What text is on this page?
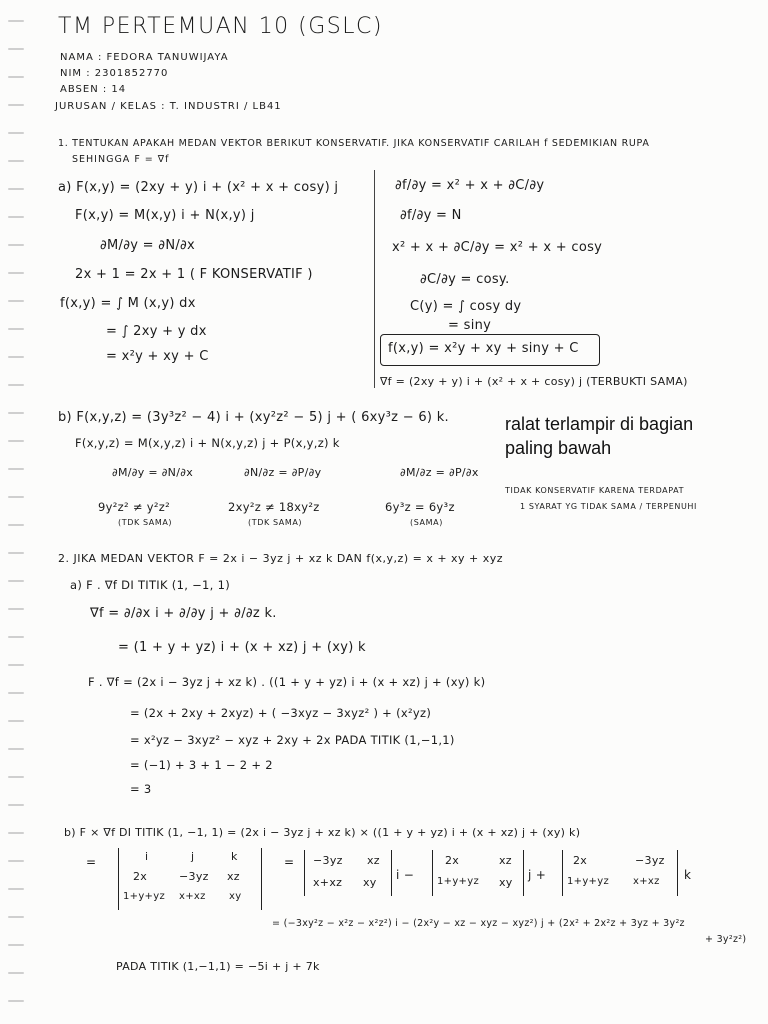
TM PERTEMUAN 10 (GSLC)
NAMA : FEDORA TANUWIJAYA
NIM : 2301852770
ABSEN : 14
JURUSAN / KELAS : T. INDUSTRI / LB41
1. TENTUKAN APAKAH MEDAN VEKTOR BERIKUT KONSERVATIF. JIKA KONSERVATIF CARILAH f SEDEMIKIAN RUPA
SEHINGGA F = ∇f
a) F(x,y) = (2xy + y) i + (x² + x + cosy) j
F(x,y) = M(x,y) i + N(x,y) j
∂M/∂y = ∂N/∂x
2x + 1 = 2x + 1 ( F KONSERVATIF )
f(x,y) = ∫ M (x,y) dx
= ∫ 2xy + y dx
= x²y + xy + C
∂f/∂y = x² + x + ∂C/∂y
∂f/∂y = N
x² + x + ∂C/∂y = x² + x + cosy
∂C/∂y = cosy.
C(y) = ∫ cosy dy
= siny
f(x,y) = x²y + xy + siny + C
∇f = (2xy + y) i + (x² + x + cosy) j (TERBUKTI SAMA)
b) F(x,y,z) = (3y³z² − 4) i + (xy²z² − 5) j + ( 6xy³z − 6) k.
F(x,y,z) = M(x,y,z) i + N(x,y,z) j + P(x,y,z) k
∂M/∂y = ∂N/∂x
9y²z² ≠ y²z²
(TDK SAMA)
∂N/∂z = ∂P/∂y
2xy²z ≠ 18xy²z
(TDK SAMA)
∂M/∂z = ∂P/∂x
6y³z = 6y³z
(SAMA)
TIDAK KONSERVATIF KARENA TERDAPAT
1 SYARAT YG TIDAK SAMA / TERPENUHI
ralat terlampir di bagian
paling bawah
2. JIKA MEDAN VEKTOR F = 2x i − 3yz j + xz k DAN f(x,y,z) = x + xy + xyz
a) F . ∇f DI TITIK (1, −1, 1)
∇f = ∂/∂x i + ∂/∂y j + ∂/∂z k.
= (1 + y + yz) i + (x + xz) j + (xy) k
F . ∇f = (2x i − 3yz j + xz k) . ((1 + y + yz) i + (x + xz) j + (xy) k)
= (2x + 2xy + 2xyz) + ( −3xyz − 3xyz² ) + (x²yz)
= x²yz − 3xyz² − xyz + 2xy + 2x PADA TITIK (1,−1,1)
= (−1) + 3 + 1 − 2 + 2
= 3
b) F × ∇f DI TITIK (1, −1, 1) = (2x i − 3yz j + xz k) × ((1 + y + yz) i + (x + xz) j + (xy) k)
=	i	j	k
2x	−3yz xz
1+y+yz x+xz xy
= −3yz xz
x+xz xy
i −
2x	xz
1+y+yz xy
j +
2x	−3yz
1+y+yz x+xz k
= (−3xy²z − x²z − x²z²) i − (2x²y − xz − xyz − xyz²) j + (2x² + 2x²z + 3yz + 3y²z
+ 3y²z²)
PADA TITIK (1,−1,1) = −5i + j + 7k
